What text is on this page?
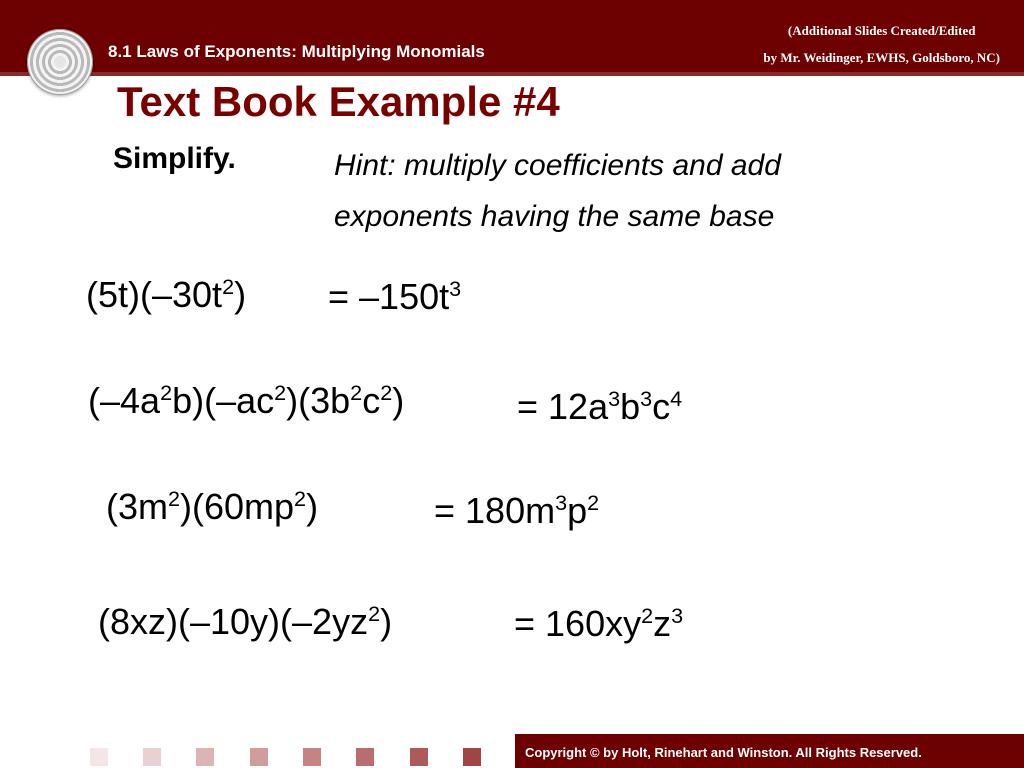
8.1 Laws of Exponents: Multiplying Monomials
(Additional Slides Created/Edited
by Mr. Weidinger, EWHS, Goldsboro, NC)
Text Book Example #4
Simplify.	Hint: multiply coefficients and add
exponents having the same base
$(5t)(-30t^2) = -150t^3$
$(-4a^2b)(-ac^2)(3b^2c^2)$	= $12a^3b^3c^4$
$(3m^2)(60mp^2)$	= $180m^3p^2$
$(8xz)(-10y)(-2yz^2)$	= $160xy^2z^3$
Copyright © by Holt, Rinehart and Winston. All Rights Reserved.
